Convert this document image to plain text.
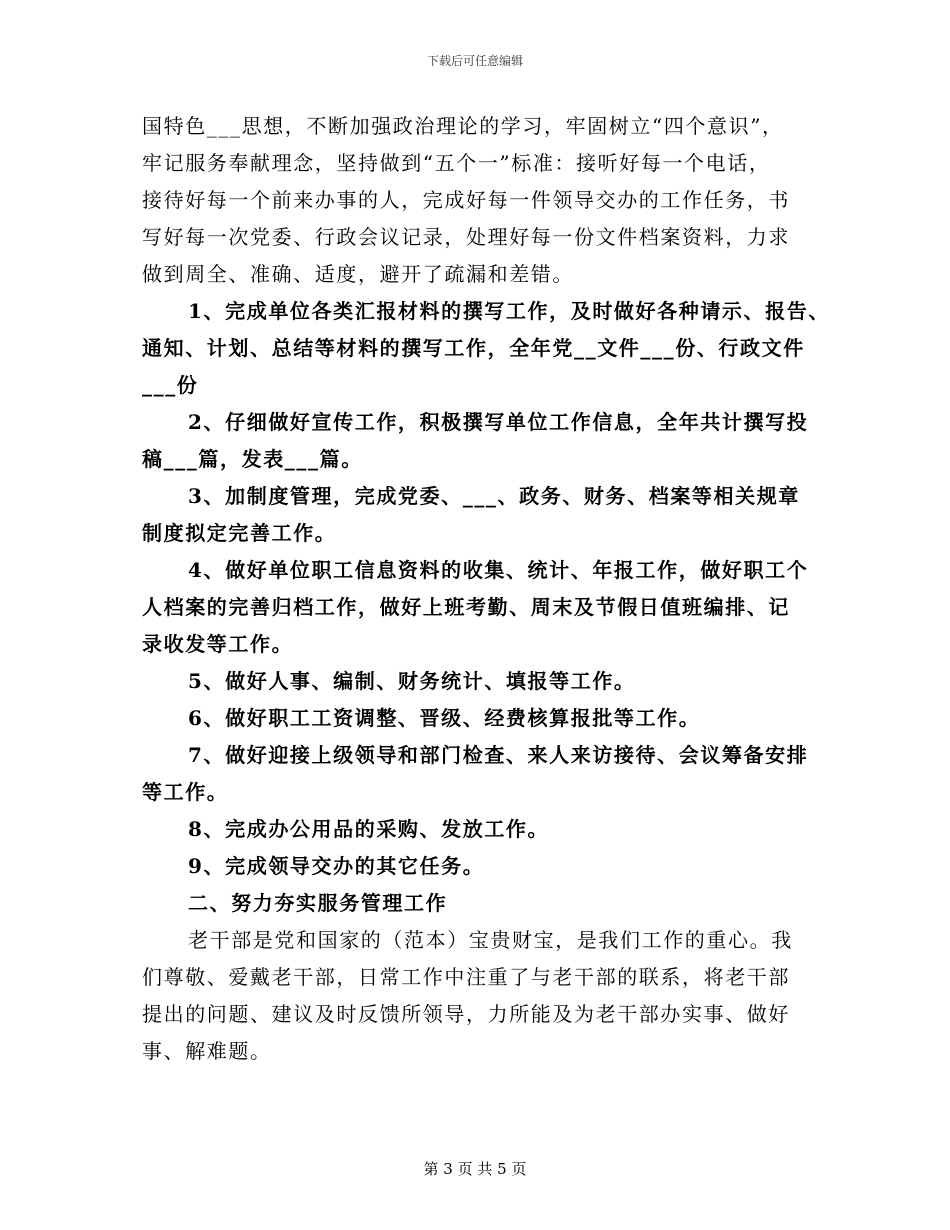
下载后可任意编辑
国特色___思想，不断加强政治理论的学习，牢固树立“四个意识”，
牢记服务奉献理念，坚持做到“五个一”标准：接听好每一个电话，
接待好每一个前来办事的人，完成好每一件领导交办的工作任务，书
写好每一次党委、行政会议记录，处理好每一份文件档案资料，力求
做到周全、准确、适度，避开了疏漏和差错。
1、完成单位各类汇报材料的撰写工作，及时做好各种请示、报告、
通知、计划、总结等材料的撰写工作，全年党__文件___份、行政文件
___份
2、仔细做好宣传工作，积极撰写单位工作信息，全年共计撰写投
稿___篇，发表___篇。
3、加制度管理，完成党委、___、政务、财务、档案等相关规章
制度拟定完善工作。
4、做好单位职工信息资料的收集、统计、年报工作，做好职工个
人档案的完善归档工作，做好上班考勤、周末及节假日值班编排、记
录收发等工作。
5、做好人事、编制、财务统计、填报等工作。
6、做好职工工资调整、晋级、经费核算报批等工作。
7、做好迎接上级领导和部门检查、来人来访接待、会议筹备安排
等工作。
8、完成办公用品的采购、发放工作。
9、完成领导交办的其它任务。
二、努力夯实服务管理工作
老干部是党和国家的（范本）宝贵财宝，是我们工作的重心。我
们尊敬、爱戴老干部，日常工作中注重了与老干部的联系，将老干部
提出的问题、建议及时反馈所领导，力所能及为老干部办实事、做好
事、解难题。
第 3 页 共 5 页
